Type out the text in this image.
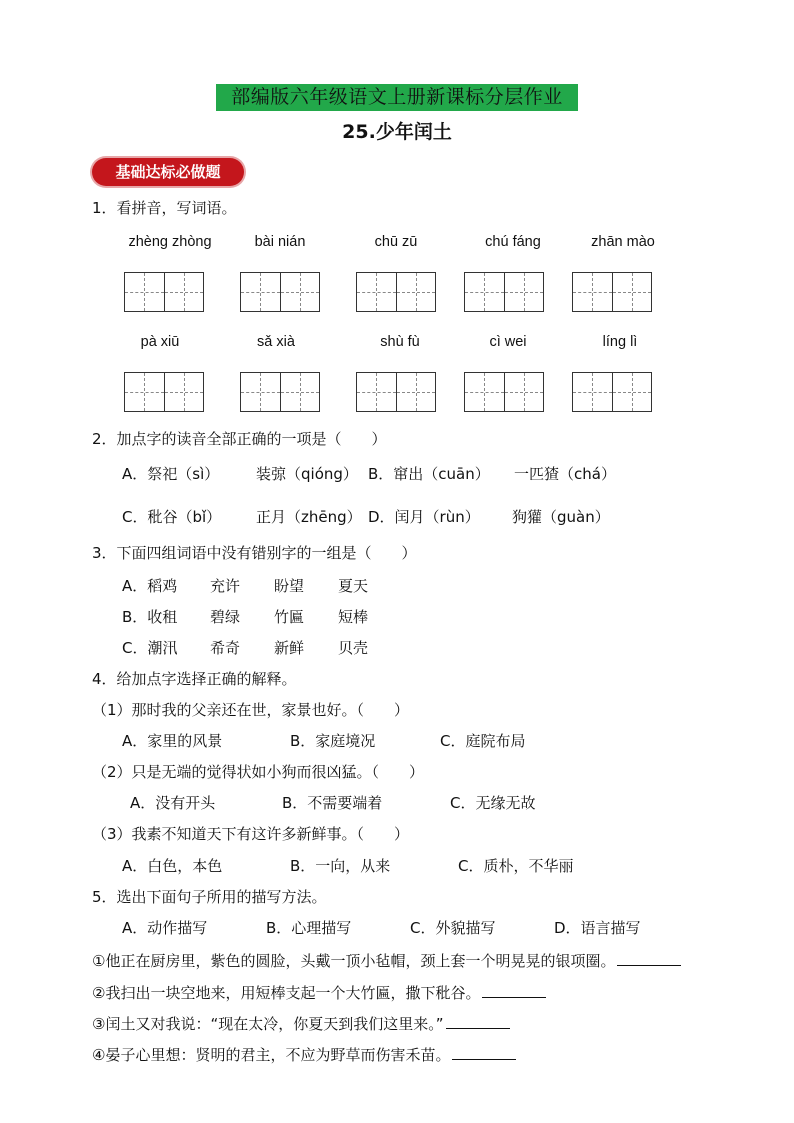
部编版六年级语文上册新课标分层作业
25.少年闰土
基础达标必做题
1．看拼音，写词语。
zhèng zhòng	bài nián	chū zū	chú fáng	zhān mào
pà xiū	sǎ xià	shù fù	cì wei	líng lì
2．加点字的读音全部正确的一项是（　　）
A．祭祀（sì） 装弶（qióng） B．窜出（cuān） 一匹猹（chá）
C．秕谷（bǐ） 正月（zhēng） D．闰月（rùn） 狗獾（guàn）
3．下面四组词语中没有错别字的一组是（　　）
A．稻鸡 充许 盼望 夏天
B．收租 碧绿 竹匾 短棒
C．潮汛 希奇 新鲜 贝壳
4．给加点字选择正确的解释。
（1）那时我的父亲还在世，家景也好。（　　）
A．家里的风景	B．家庭境况	C．庭院布局
（2）只是无端的觉得状如小狗而很凶猛。（　　）
A．没有开头	B．不需要端着	C．无缘无故
（3）我素不知道天下有这许多新鲜事。（　　）
A．白色，本色	B．一向，从来	C．质朴，不华丽
5．选出下面句子所用的描写方法。
A．动作描写	B．心理描写	C．外貌描写	D．语言描写
①他正在厨房里，紫色的圆脸，头戴一顶小毡帽，颈上套一个明晃晃的银项圈。
②我扫出一块空地来，用短棒支起一个大竹匾，撒下秕谷。
③闰土又对我说：“现在太冷，你夏天到我们这里来。”
④晏子心里想：贤明的君主，不应为野草而伤害禾苗。
